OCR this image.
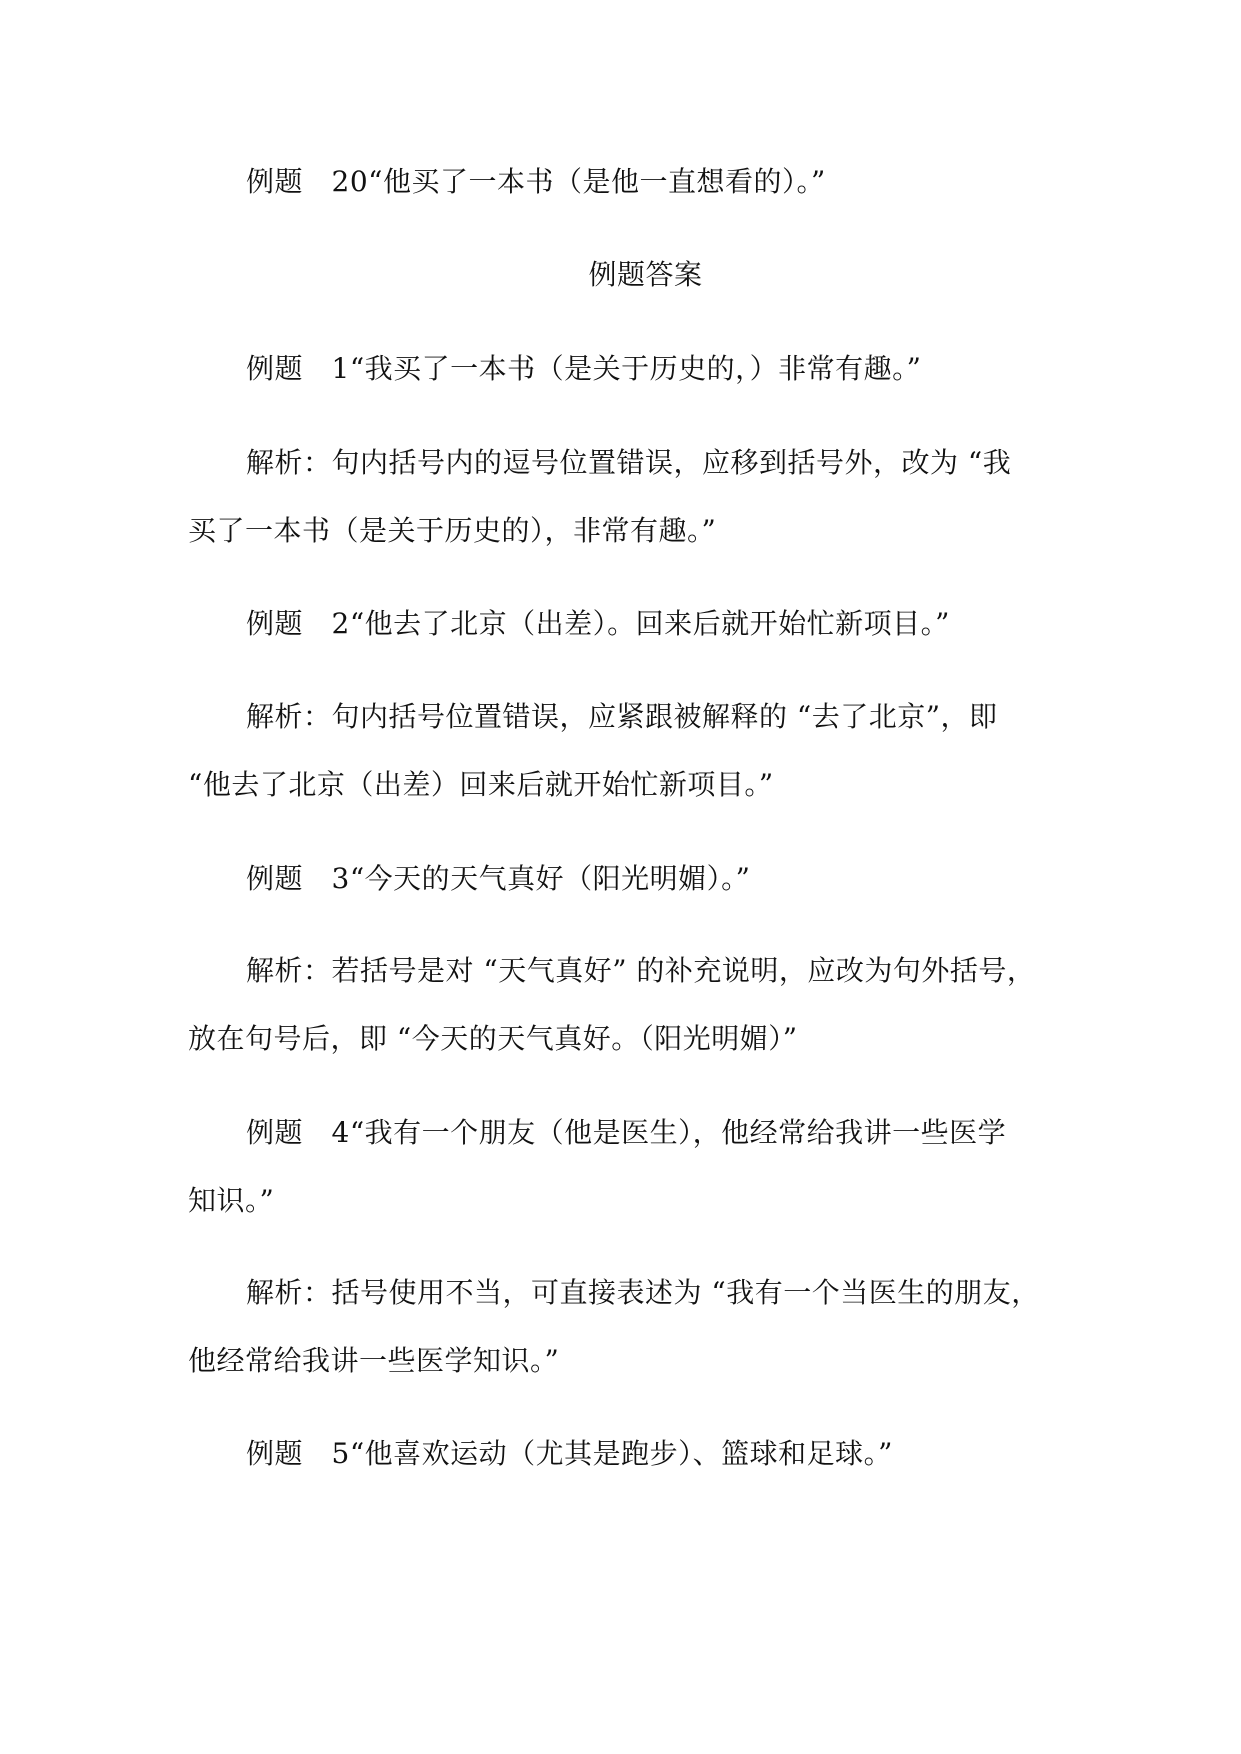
例题　20“他买了一本书（是他一直想看的）。”
例题答案
例题　1“我买了一本书（是关于历史的，）非常有趣。”
解析：句内括号内的逗号位置错误，应移到括号外，改为 “我
买了一本书（是关于历史的），非常有趣。”
例题　2“他去了北京（出差）。回来后就开始忙新项目。”
解析：句内括号位置错误，应紧跟被解释的 “去了北京”，即
“他去了北京（出差）回来后就开始忙新项目。”
例题　3“今天的天气真好（阳光明媚）。”
解析：若括号是对 “天气真好” 的补充说明，应改为句外括号，
放在句号后，即 “今天的天气真好。（阳光明媚）”
例题　4“我有一个朋友（他是医生），他经常给我讲一些医学
知识。”
解析：括号使用不当，可直接表述为 “我有一个当医生的朋友，
他经常给我讲一些医学知识。”
例题　5“他喜欢运动（尤其是跑步）、篮球和足球。”
